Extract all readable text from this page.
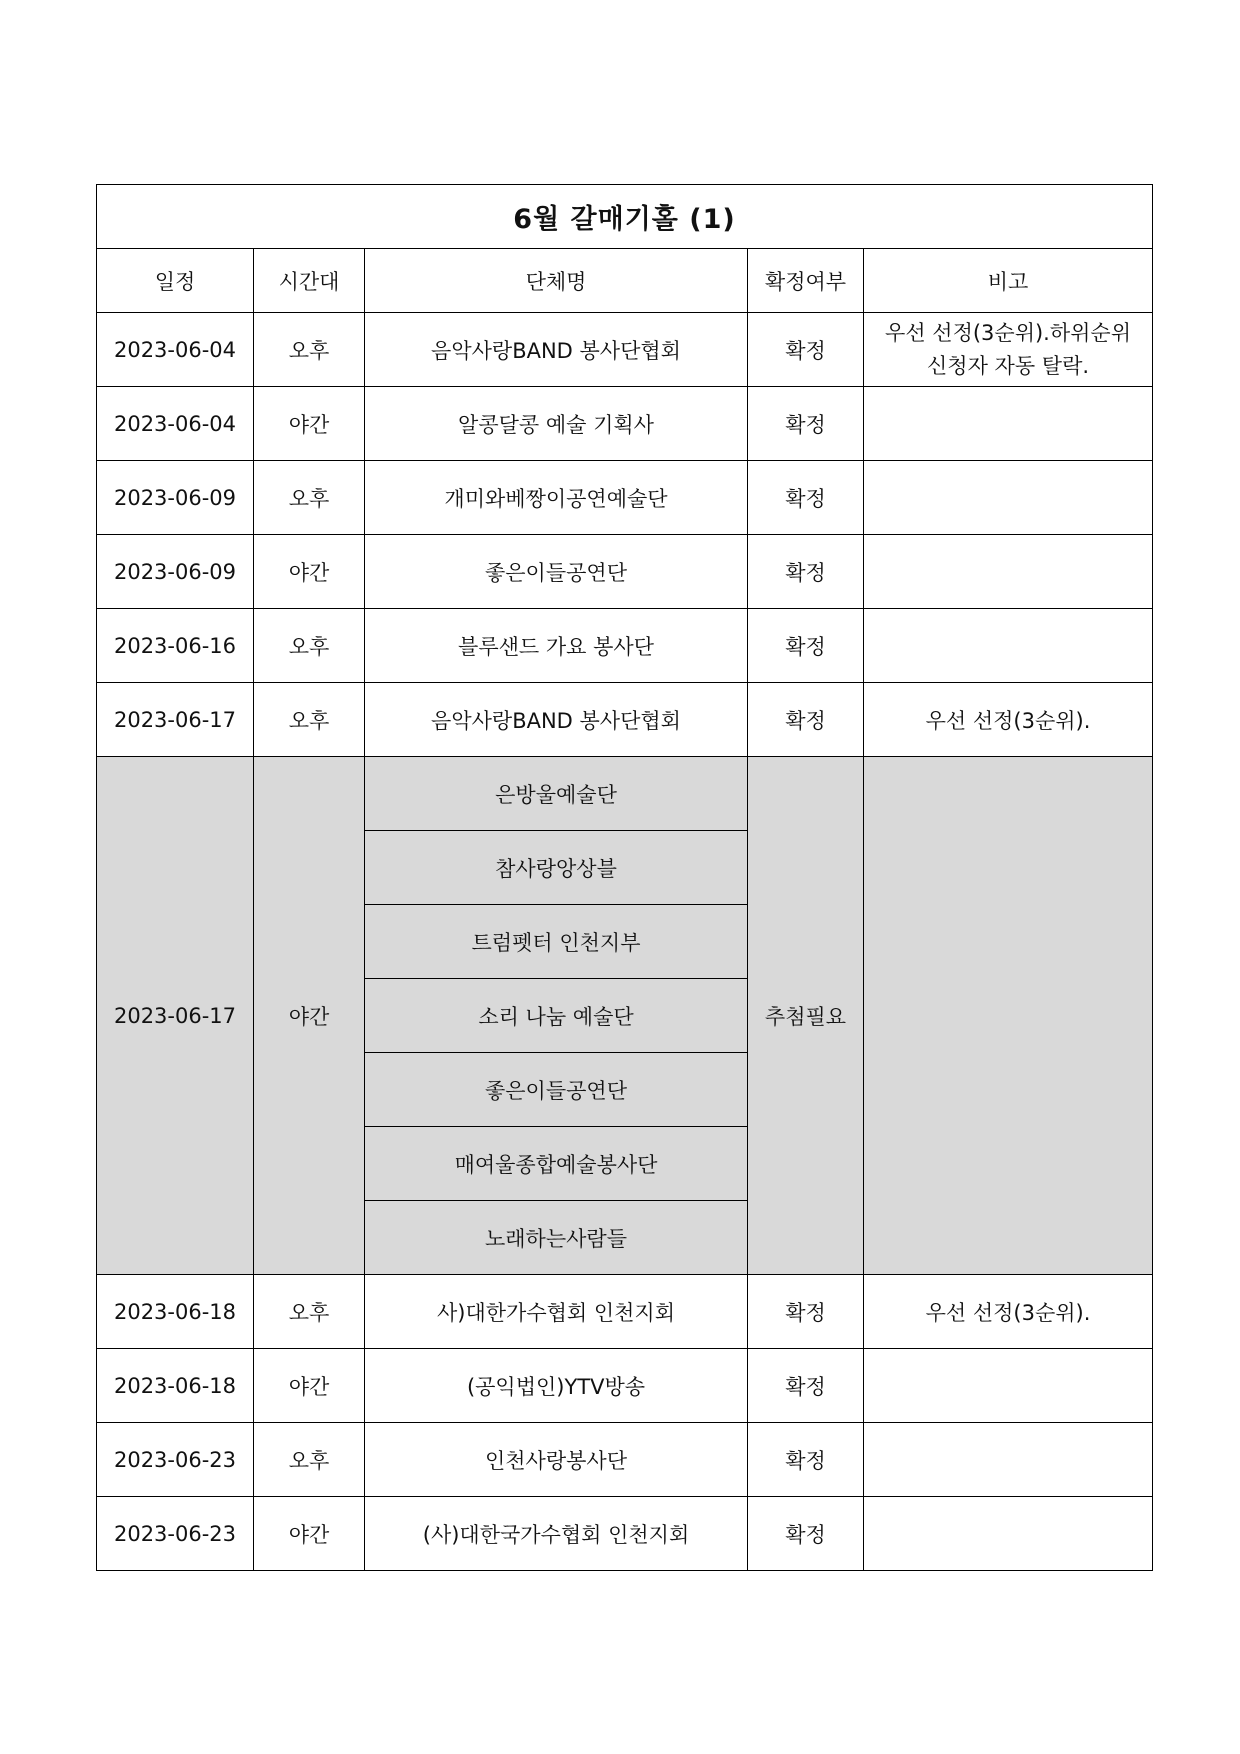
6월 갈매기홀 (1)				
일정	시간대	단체명	확정여부	비고
2023-06-04	오후	음악사랑BAND 봉사단협회	확정	우선 선정(3순위).하위순위
신청자 자동 탈락.

2023-06-04	야간	알콩달콩 예술 기획사	확정	
2023-06-09	오후	개미와베짱이공연예술단	확정	
2023-06-09	야간	좋은이들공연단	확정	
2023-06-16	오후	블루샌드 가요 봉사단	확정	
2023-06-17	오후	음악사랑BAND 봉사단협회	확정	우선 선정(3순위).
2023-06-17	야간	은방울예술단	추첨필요	
		참사랑앙상블		
		트럼펫터 인천지부		
		소리 나눔 예술단		
		좋은이들공연단		
		매여울종합예술봉사단		
		노래하는사람들		
2023-06-18	오후	사)대한가수협회 인천지회	확정	우선 선정(3순위).
2023-06-18	야간	(공익법인)YTV방송	확정	
2023-06-23	오후	인천사랑봉사단	확정	
2023-06-23	야간	(사)대한국가수협회 인천지회	확정	
